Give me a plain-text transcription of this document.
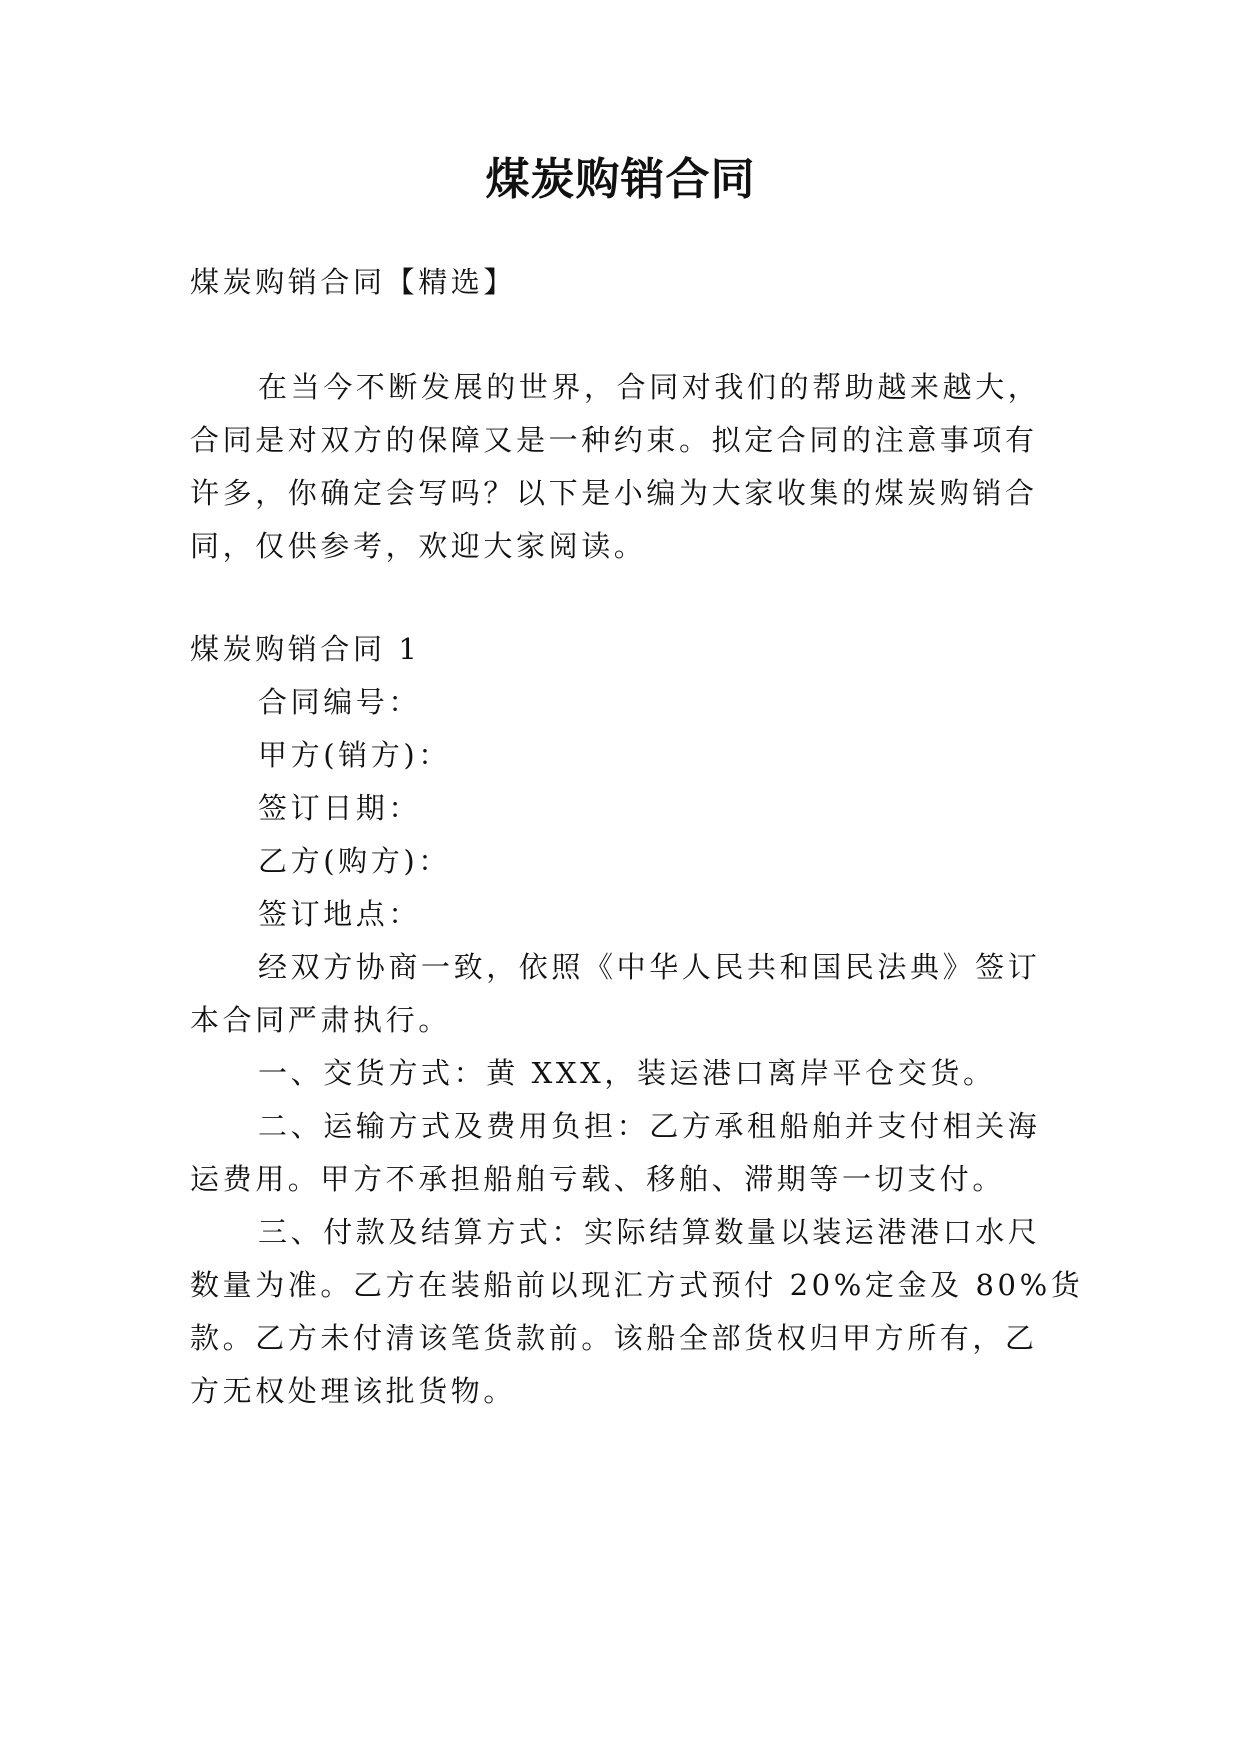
煤炭购销合同
煤炭购销合同【精选】
在当今不断发展的世界，合同对我们的帮助越来越大，
合同是对双方的保障又是一种约束。拟定合同的注意事项有
许多，你确定会写吗？以下是小编为大家收集的煤炭购销合
同，仅供参考，欢迎大家阅读。
煤炭购销合同 1
合同编号：
甲方(销方)：
签订日期：
乙方(购方)：
签订地点：
经双方协商一致，依照《中华人民共和国民法典》签订
本合同严肃执行。
一、交货方式：黄 XXX，装运港口离岸平仓交货。
二、运输方式及费用负担：乙方承租船舶并支付相关海
运费用。甲方不承担船舶亏载、移舶、滞期等一切支付。
三、付款及结算方式：实际结算数量以装运港港口水尺
数量为准。乙方在装船前以现汇方式预付 20%定金及 80%货
款。乙方未付清该笔货款前。该船全部货权归甲方所有，乙
方无权处理该批货物。
